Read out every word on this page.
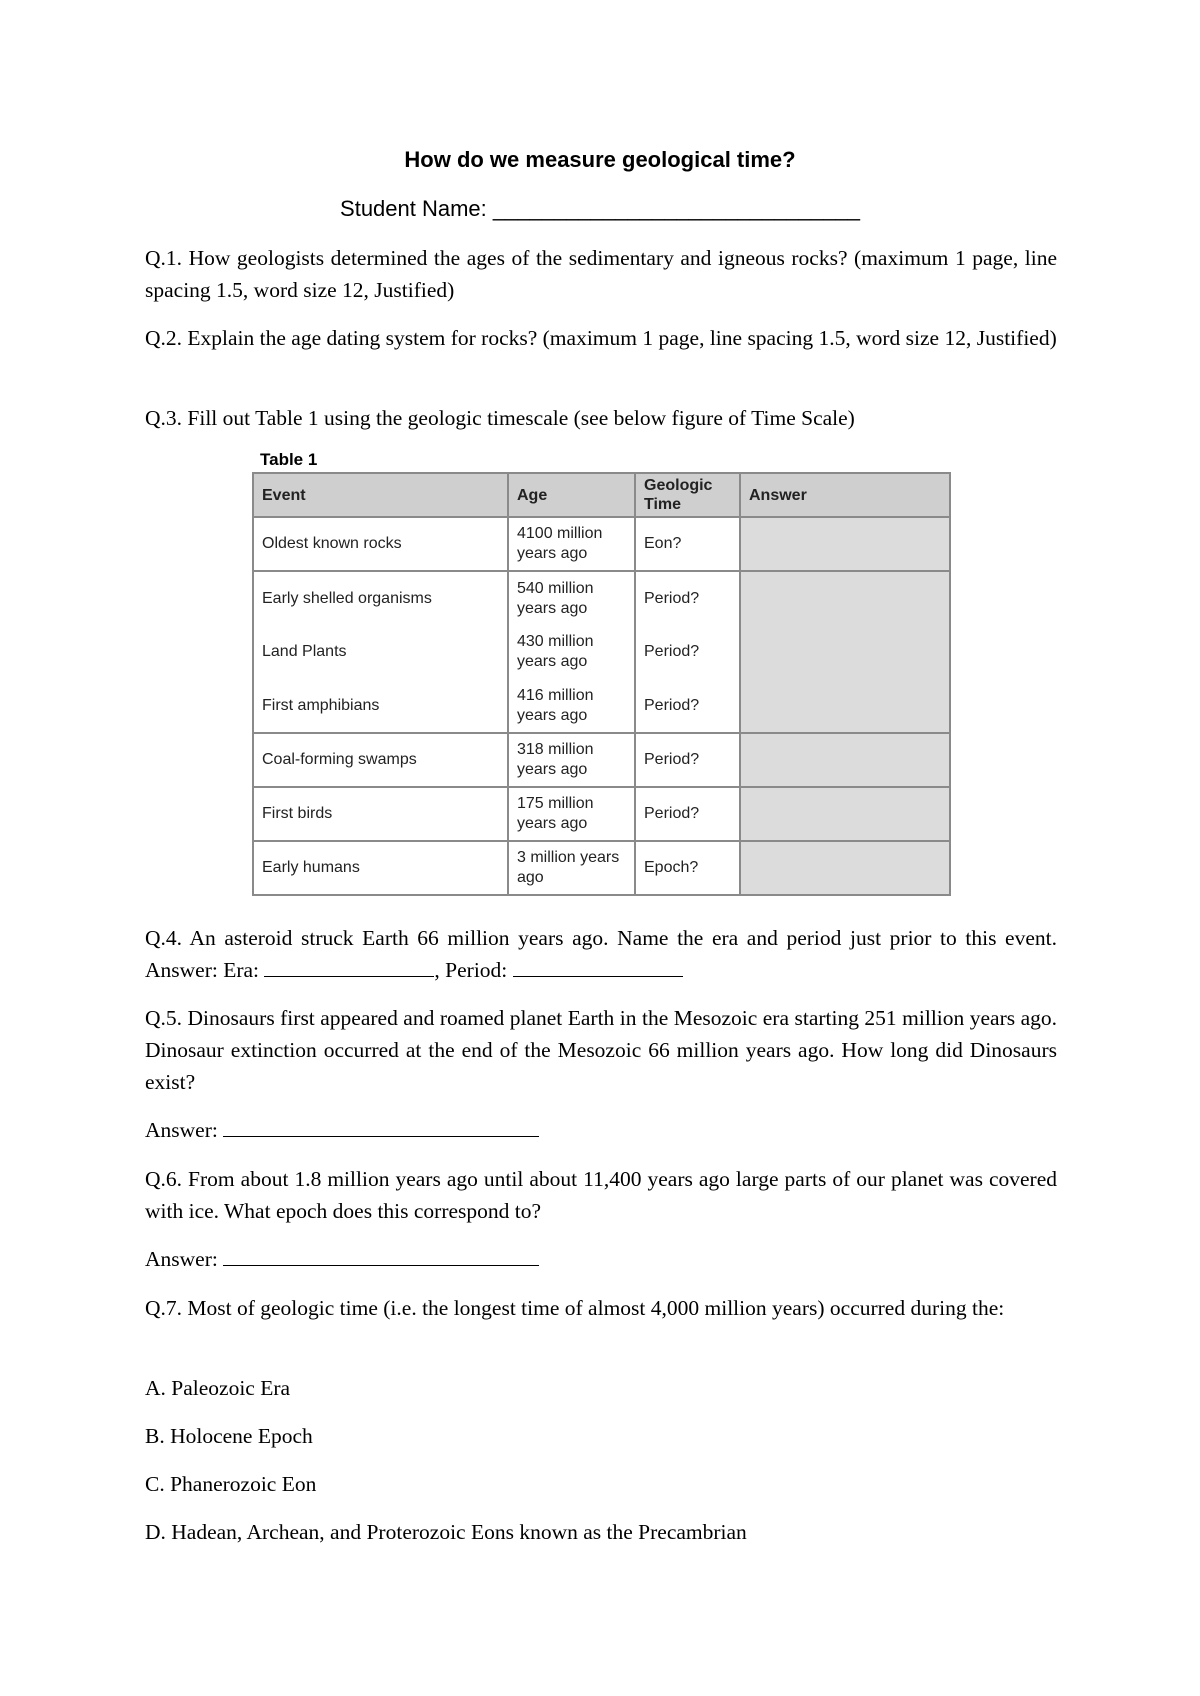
How do we measure geological time?
Student Name: ______________________________
Q.1. How geologists determined the ages of the sedimentary and igneous rocks? (maximum 1 page, line spacing 1.5, word size 12, Justified)
Q.2. Explain the age dating system for rocks? (maximum 1 page, line spacing 1.5, word size 12, Justified)
Q.3. Fill out Table 1 using the geologic timescale (see below figure of Time Scale)
Table 1
Event	Age	Geologic Time	Answer
Oldest known rocks	4100 million years ago	Eon?	
Early shelled organisms	540 million years ago	Period?	
Land Plants	430 million years ago	Period?	
First amphibians	416 million years ago	Period?	
Coal-forming swamps	318 million years ago	Period?	
First birds	175 million years ago	Period?	
Early humans	3 million years ago	Epoch?	
Q.4. An asteroid struck Earth 66 million years ago. Name the era and period just prior to this event. Answer: Era:	, Period:
Q.5. Dinosaurs first appeared and roamed planet Earth in the Mesozoic era starting 251 million years ago. Dinosaur extinction occurred at the end of the Mesozoic 66 million years ago. How long did Dinosaurs exist?
Answer:
Q.6. From about 1.8 million years ago until about 11,400 years ago large parts of our planet was covered with ice. What epoch does this correspond to?
Answer:
Q.7. Most of geologic time (i.e. the longest time of almost 4,000 million years) occurred during the:
A. Paleozoic Era
B. Holocene Epoch
C. Phanerozoic Eon
D. Hadean, Archean, and Proterozoic Eons known as the Precambrian
